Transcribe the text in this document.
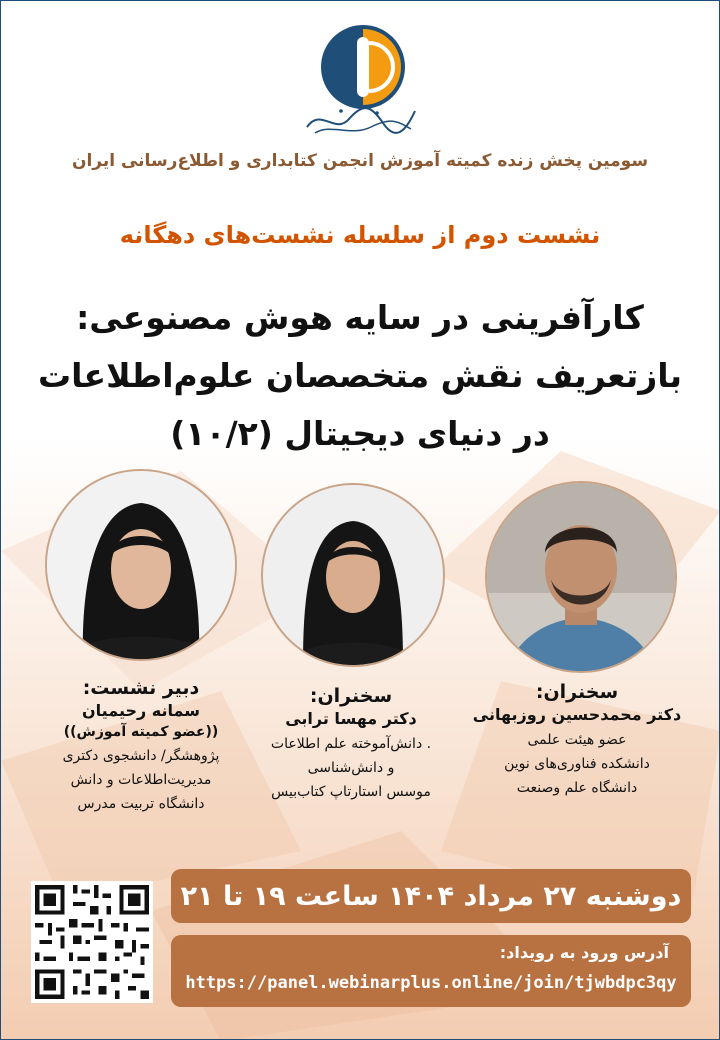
سومین پخش زنده کمیته آموزش انجمن کتابداری و اطلاع‌رسانی ایران
نشست دوم از سلسله نشست‌های دهگانه
کارآفرینی در سایه هوش مصنوعی:
بازتعریف نقش متخصصان علوم‌اطلاعات
در دنیای دیجیتال (۱۰/۲)
سخنران:
دکتر محمدحسین روزبهانی
عضو هیئت علمی
دانشکده فناوری‌های نوین
دانشگاه علم وصنعت
سخنران:
دکتر مهسا ترابی
. دانش‌آموخته علم اطلاعات
و دانش‌شناسی
موسس استارتاپ کتاب‌بیس
دبیر نشست:
سمانه رحیمیان
((عضو کمیته آموزش))
پژوهشگر/ دانشجوی دکتری
مدیریت‌اطلاعات و دانش
دانشگاه تربیت مدرس
دوشنبه ۲۷ مرداد ۱۴۰۴ ساعت ۱۹ تا ۲۱
آدرس ورود به رویداد:
https://panel.webinarplus.online/join/tjwbdpc3qy
